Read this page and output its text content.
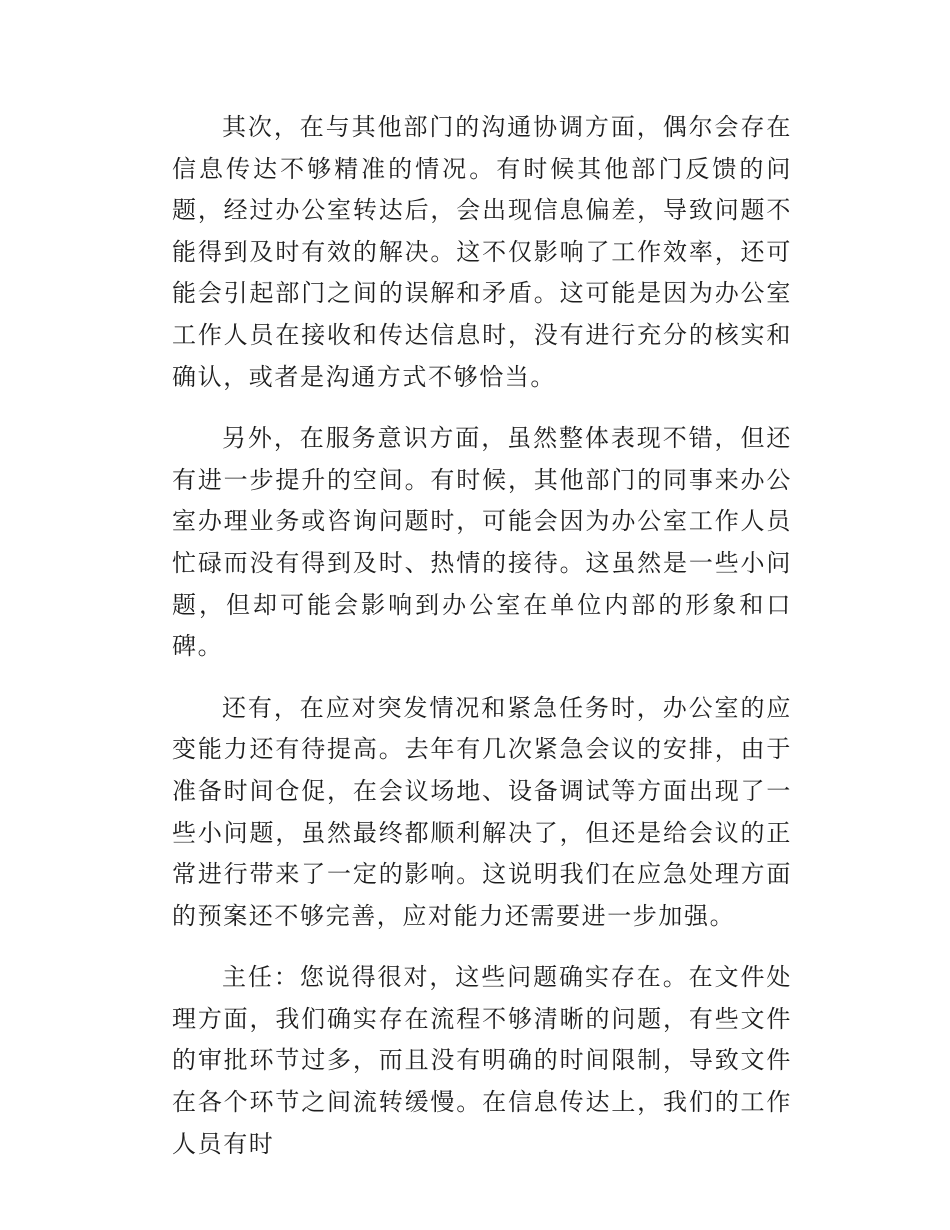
其次，在与其他部门的沟通协调方面，偶尔会存在信息传达不够精准的情况。有时候其他部门反馈的问题，经过办公室转达后，会出现信息偏差，导致问题不能得到及时有效的解决。这不仅影响了工作效率，还可能会引起部门之间的误解和矛盾。这可能是因为办公室工作人员在接收和传达信息时，没有进行充分的核实和确认，或者是沟通方式不够恰当。

另外，在服务意识方面，虽然整体表现不错，但还有进一步提升的空间。有时候，其他部门的同事来办公室办理业务或咨询问题时，可能会因为办公室工作人员忙碌而没有得到及时、热情的接待。这虽然是一些小问题，但却可能会影响到办公室在单位内部的形象和口碑。

还有，在应对突发情况和紧急任务时，办公室的应变能力还有待提高。去年有几次紧急会议的安排，由于准备时间仓促，在会议场地、设备调试等方面出现了一些小问题，虽然最终都顺利解决了，但还是给会议的正常进行带来了一定的影响。这说明我们在应急处理方面的预案还不够完善，应对能力还需要进一步加强。

主任：您说得很对，这些问题确实存在。在文件处理方面，我们确实存在流程不够清晰的问题，有些文件的审批环节过多，而且没有明确的时间限制，导致文件在各个环节之间流转缓慢。在信息传达上，我们的工作人员有时
